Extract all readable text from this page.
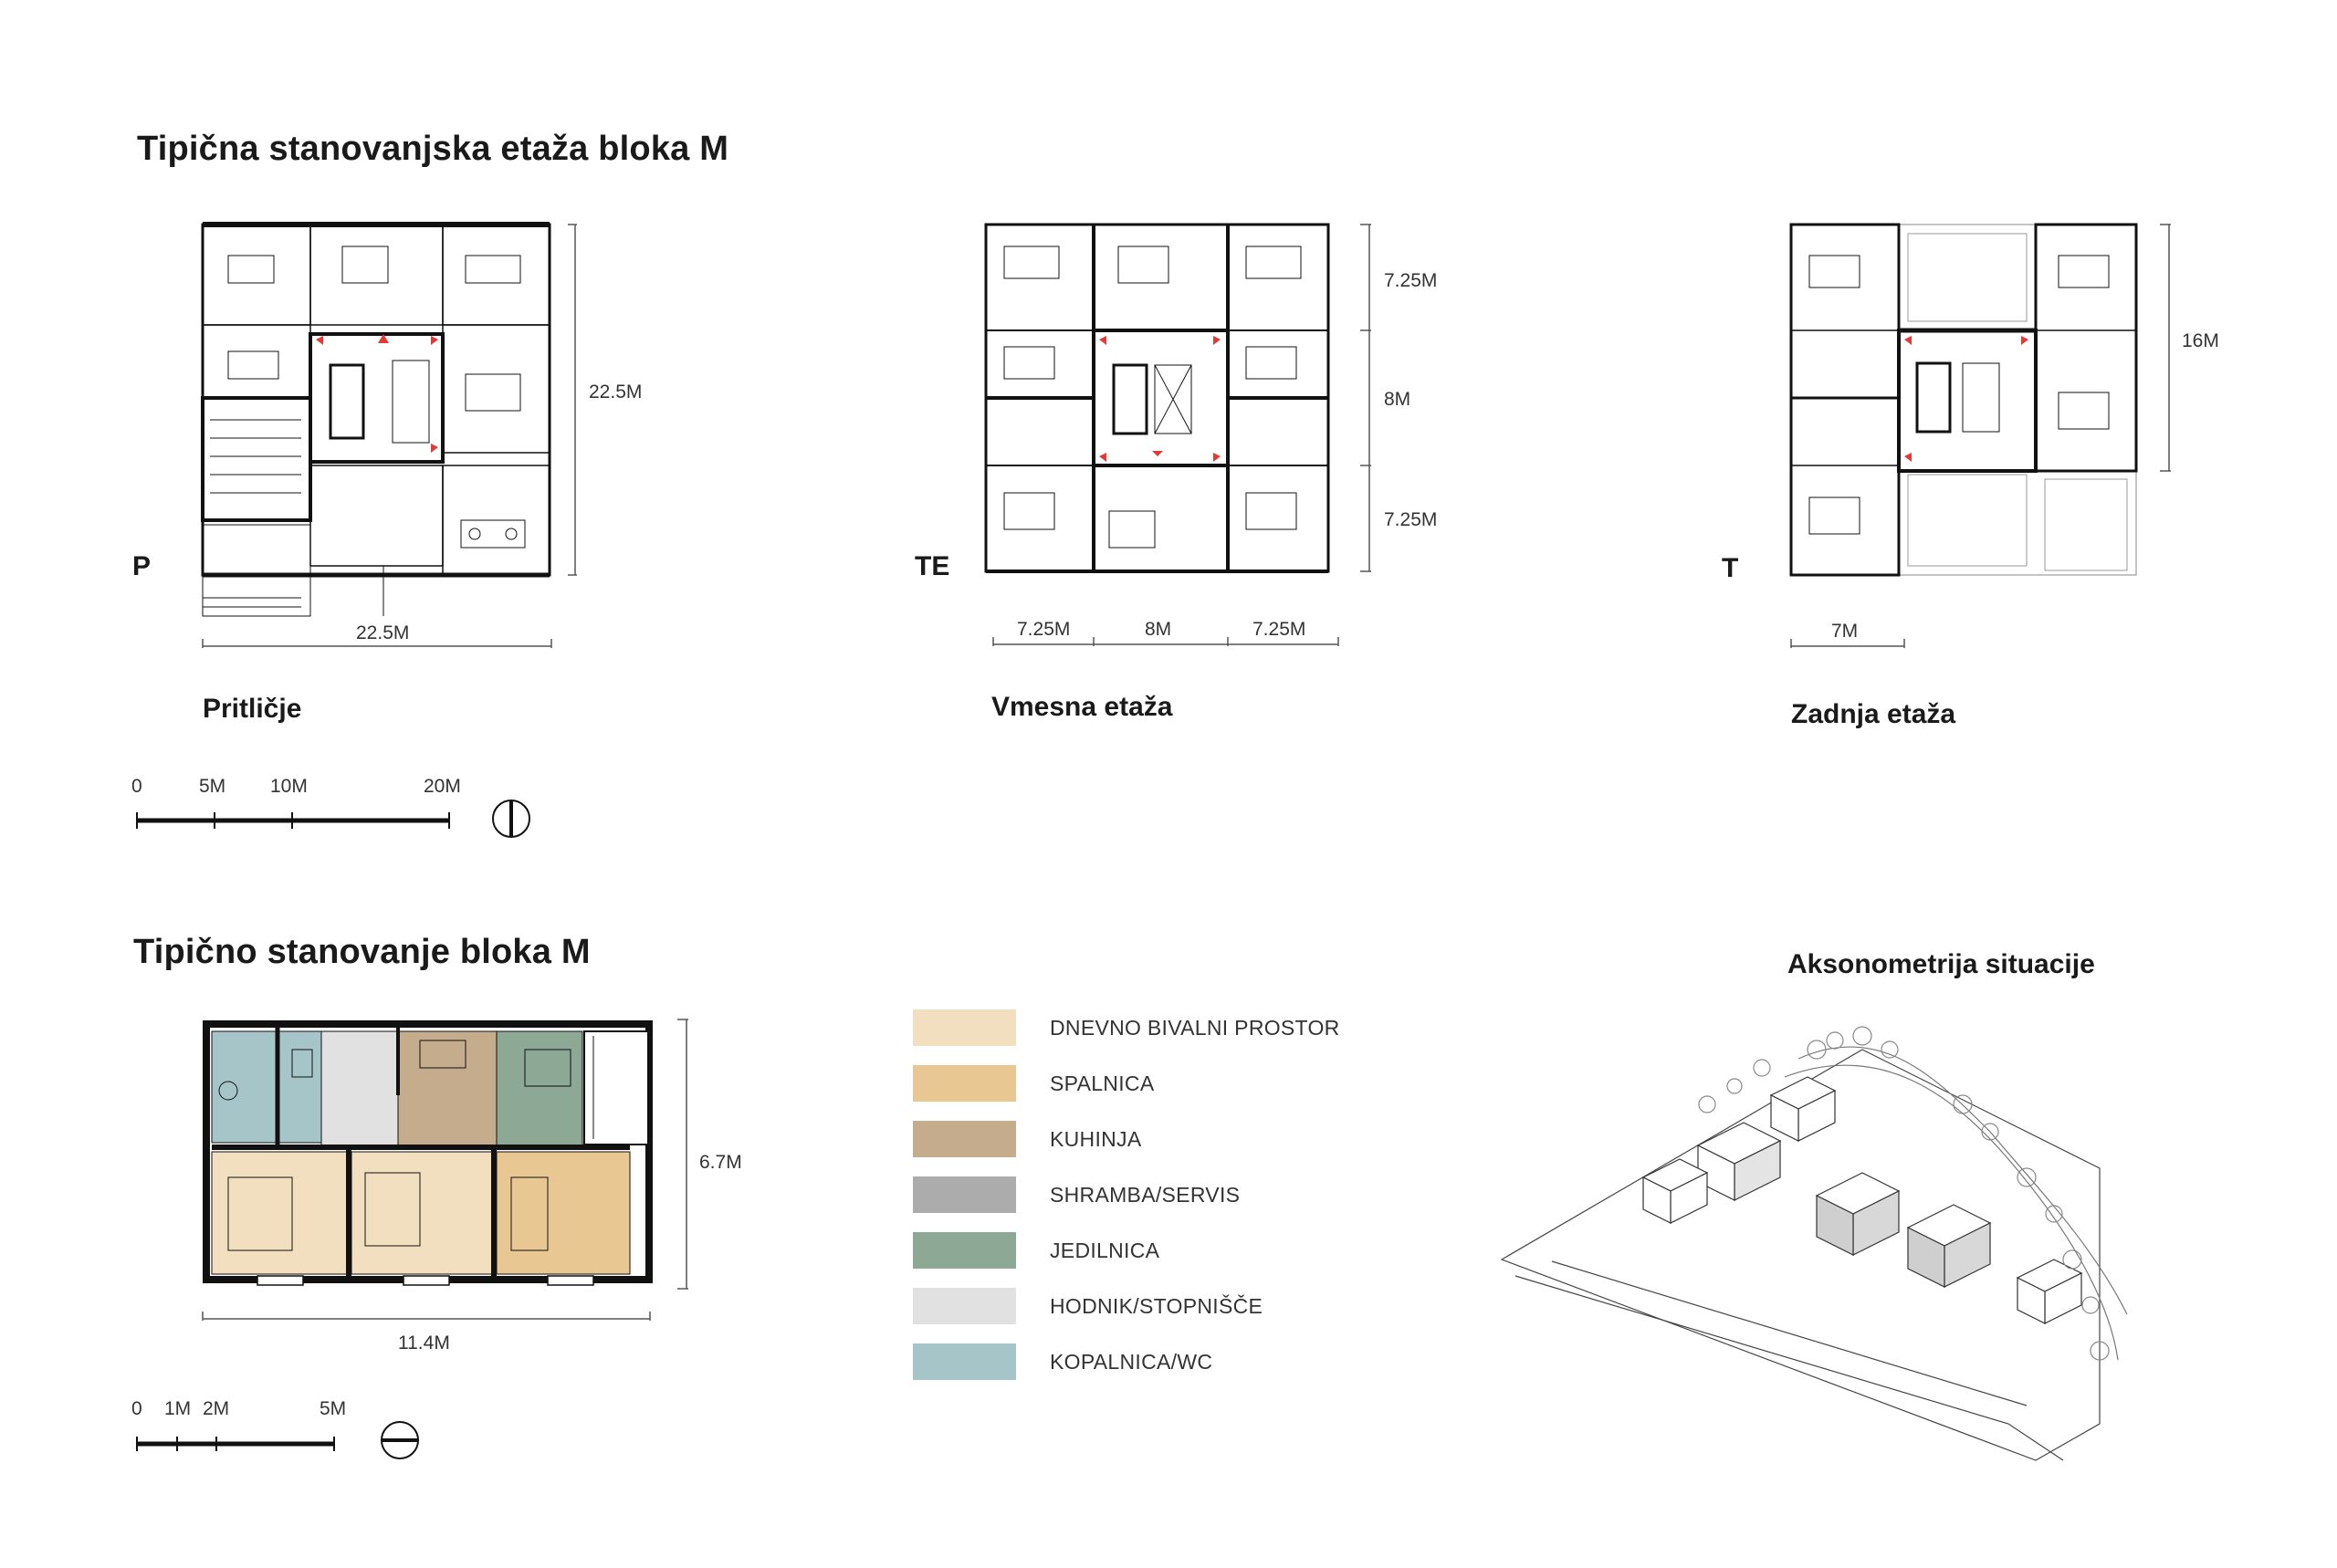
Tipična stanovanjska etaža bloka M
Tipično stanovanje bloka M	Aksonometrija situacije
P	TE	T
Pritličje	Vmesna etaža	Zadnja etaža
22.5M
22.5M
7.25M	8M	7.25M
7.25M
8M
7.25M
7M
16M
0	5M 10M	20M
11.4M
6.7M
0 1M 2M	5M
DNEVNO BIVALNI PROSTOR
SPALNICA
KUHINJA
SHRAMBA/SERVIS
JEDILNICA
HODNIK/STOPNIŠČE
KOPALNICA/WC
